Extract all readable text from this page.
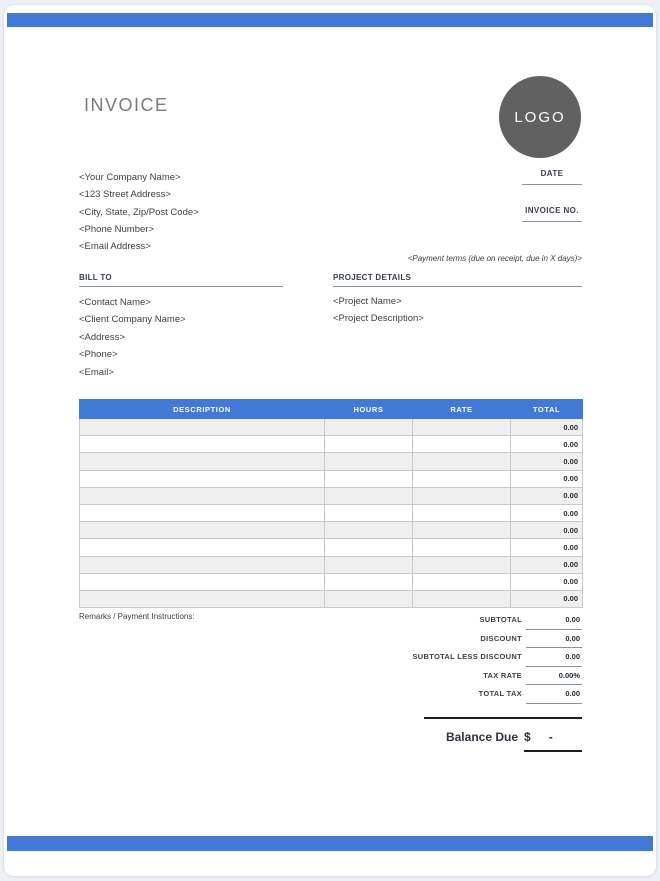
INVOICE
LOGO
<Your Company Name>
<123 Street Address>
<City, State, Zip/Post Code>
<Phone Number>
<Email Address>
DATE
INVOICE NO.
<Payment terms (due on receipt, due in X days)>
BILL TO
<Contact Name>
<Client Company Name>
<Address>
<Phone>
<Email>
PROJECT DETAILS
<Project Name>
<Project Description>
DESCRIPTION	HOURS	RATE	TOTAL
			0.00
			0.00
			0.00
			0.00
			0.00
			0.00
			0.00
			0.00
			0.00
			0.00
			0.00
Remarks / Payment Instructions:	SUBTOTAL	0.00
DISCOUNT	0.00
SUBTOTAL LESS DISCOUNT	0.00
TAX RATE	0.00%
TOTAL TAX	0.00
Balance Due $ -
